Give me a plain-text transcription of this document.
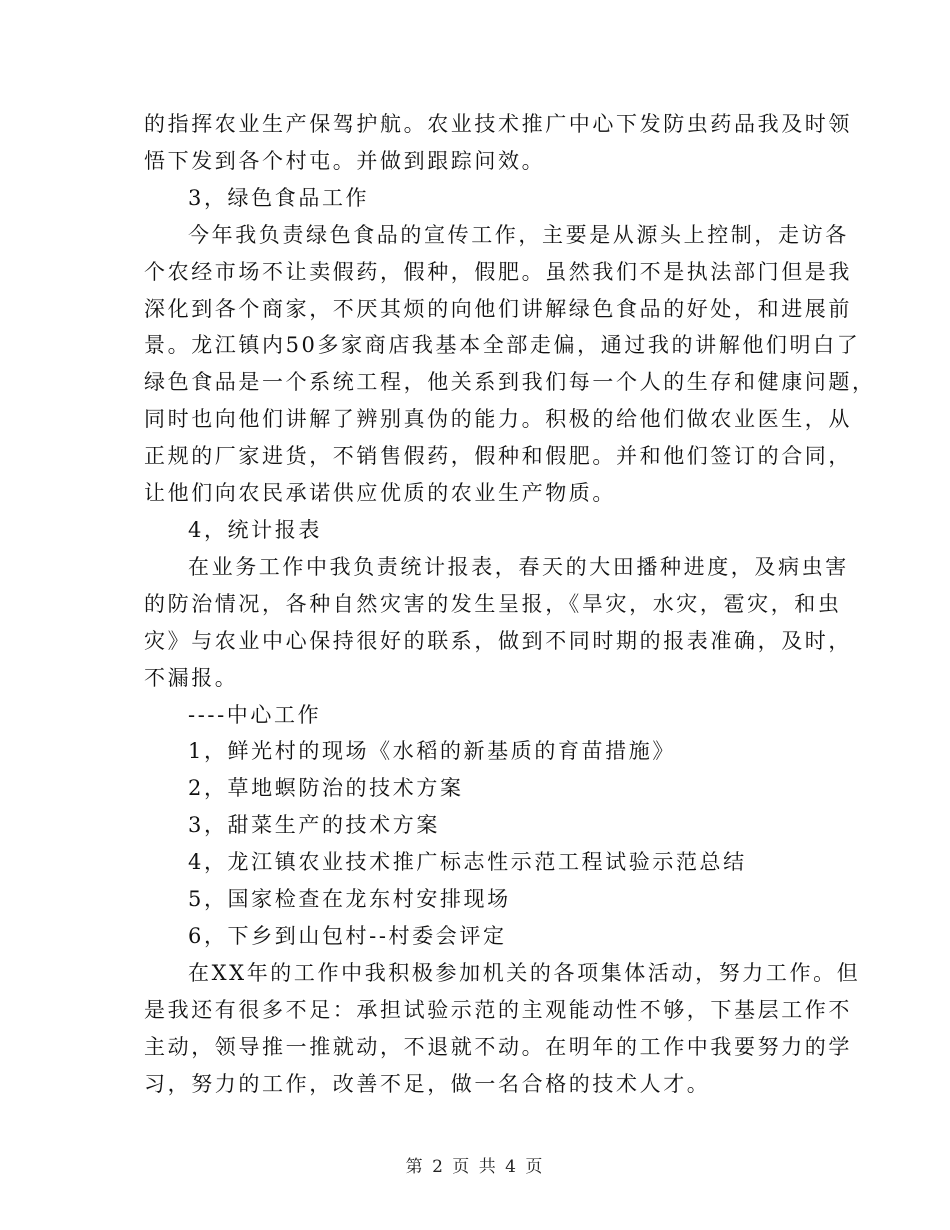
的指挥农业生产保驾护航。农业技术推广中心下发防虫药品我及时领
悟下发到各个村屯。并做到跟踪问效。
3，绿色食品工作
今年我负责绿色食品的宣传工作，主要是从源头上控制，走访各
个农经市场不让卖假药，假种，假肥。虽然我们不是执法部门但是我
深化到各个商家，不厌其烦的向他们讲解绿色食品的好处，和进展前
景。龙江镇内50多家商店我基本全部走偏，通过我的讲解他们明白了
绿色食品是一个系统工程，他关系到我们每一个人的生存和健康问题，
同时也向他们讲解了辨别真伪的能力。积极的给他们做农业医生，从
正规的厂家进货，不销售假药，假种和假肥。并和他们签订的合同，
让他们向农民承诺供应优质的农业生产物质。
4，统计报表
在业务工作中我负责统计报表，春天的大田播种进度，及病虫害
的防治情况，各种自然灾害的发生呈报，《旱灾，水灾，雹灾，和虫
灾》与农业中心保持很好的联系，做到不同时期的报表准确，及时，
不漏报。
----中心工作
1，鲜光村的现场《水稻的新基质的育苗措施》
2，草地螟防治的技术方案
3，甜菜生产的技术方案
4，龙江镇农业技术推广标志性示范工程试验示范总结
5，国家检查在龙东村安排现场
6，下乡到山包村--村委会评定
在XX年的工作中我积极参加机关的各项集体活动，努力工作。但
是我还有很多不足：承担试验示范的主观能动性不够，下基层工作不
主动，领导推一推就动，不退就不动。在明年的工作中我要努力的学
习，努力的工作，改善不足，做一名合格的技术人才。
第 2 页 共 4 页
